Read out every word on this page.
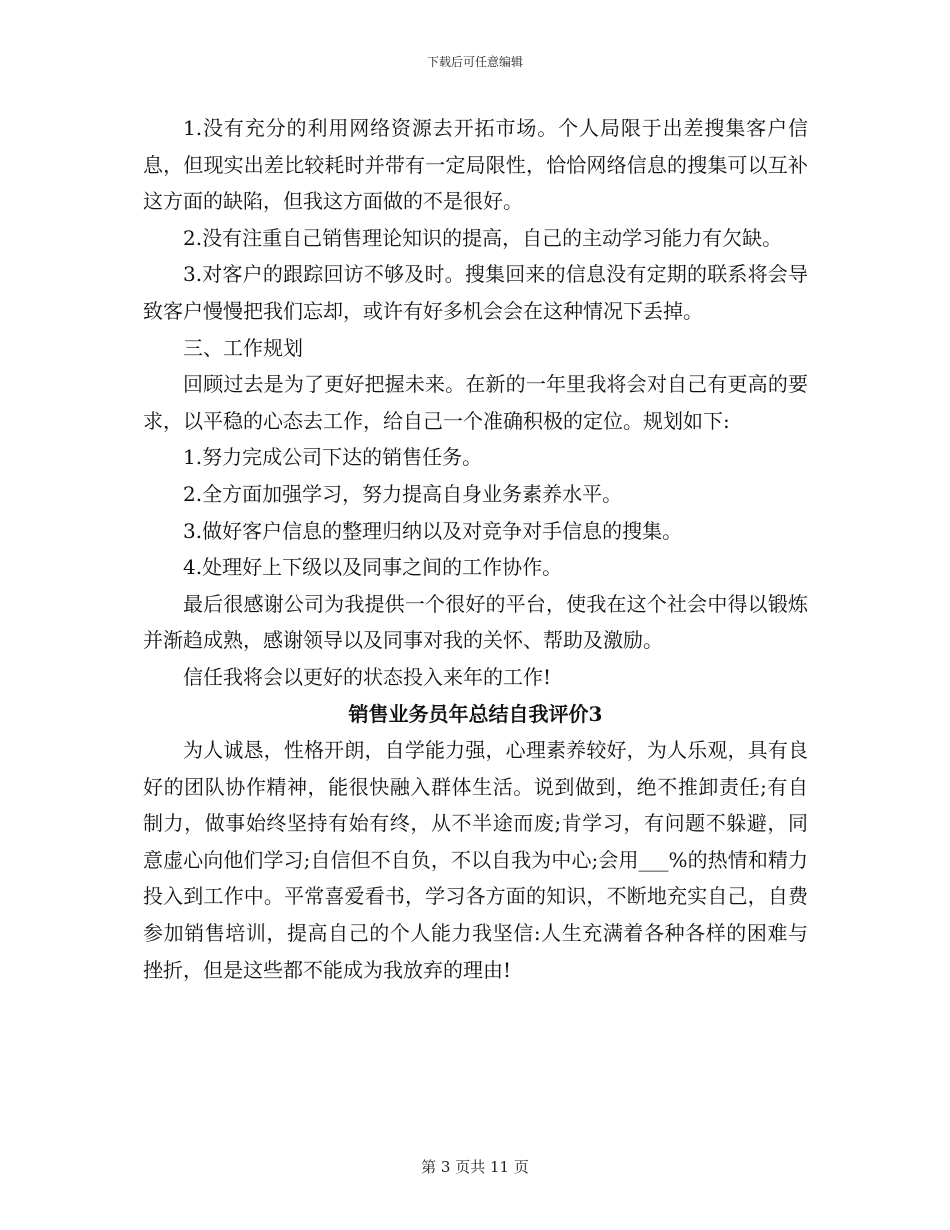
下载后可任意编辑

1.没有充分的利用网络资源去开拓市场。个人局限于出差搜集客户信息，但现实出差比较耗时并带有一定局限性，恰恰网络信息的搜集可以互补这方面的缺陷，但我这方面做的不是很好。

2.没有注重自己销售理论知识的提高，自己的主动学习能力有欠缺。

3.对客户的跟踪回访不够及时。搜集回来的信息没有定期的联系将会导致客户慢慢把我们忘却，或许有好多机会会在这种情况下丢掉。

三、工作规划

回顾过去是为了更好把握未来。在新的一年里我将会对自己有更高的要求，以平稳的心态去工作，给自己一个准确积极的定位。规划如下:

1.努力完成公司下达的销售任务。

2.全方面加强学习，努力提高自身业务素养水平。

3.做好客户信息的整理归纳以及对竞争对手信息的搜集。

4.处理好上下级以及同事之间的工作协作。

最后很感谢公司为我提供一个很好的平台，使我在这个社会中得以锻炼并渐趋成熟，感谢领导以及同事对我的关怀、帮助及激励。

信任我将会以更好的状态投入来年的工作!

销售业务员年总结自我评价3

为人诚恳，性格开朗，自学能力强，心理素养较好，为人乐观，具有良好的团队协作精神，能很快融入群体生活。说到做到，绝不推卸责任;有自制力，做事始终坚持有始有终，从不半途而废;肯学习，有问题不躲避，同意虚心向他们学习;自信但不自负，不以自我为中心;会用___%的热情和精力投入到工作中。平常喜爱看书，学习各方面的知识，不断地充实自己，自费参加销售培训，提高自己的个人能力我坚信:人生充满着各种各样的困难与挫折，但是这些都不能成为我放弃的理由!

第 3 页共 11 页
